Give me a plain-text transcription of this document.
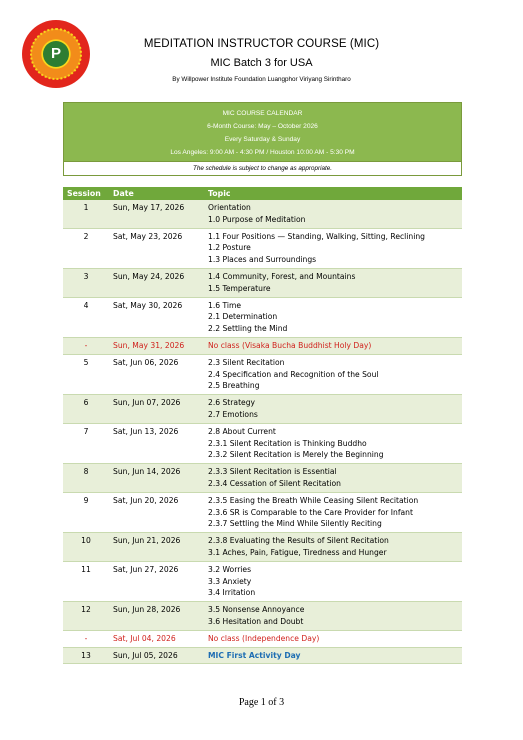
P
MEDITATION INSTRUCTOR COURSE (MIC)
MIC Batch 3 for USA
By Willpower Institute Foundation Luangphor Viriyang Sirintharo
MIC COURSE CALENDAR
6-Month Course: May – October 2026
Every Saturday & Sunday
Los Angeles: 9:00 AM - 4:30 PM / Houston 10:00 AM - 5:30 PM
The schedule is subject to change as appropriate.
Session	Date	Topic
1	Sun, May 17, 2026	Orientation
1.0 Purpose of Meditation

2	Sat, May 23, 2026	1.1 Four Positions — Standing, Walking, Sitting, Reclining
1.2 Posture
1.3 Places and Surroundings

3	Sun, May 24, 2026	1.4 Community, Forest, and Mountains
1.5 Temperature

4	Sat, May 30, 2026	1.6 Time
2.1 Determination
2.2 Settling the Mind

-	Sun, May 31, 2026	No class (Visaka Bucha Buddhist Holy Day)

5	Sat, Jun 06, 2026	2.3 Silent Recitation
2.4 Specification and Recognition of the Soul
2.5 Breathing

6	Sun, Jun 07, 2026	2.6 Strategy
2.7 Emotions

7	Sat, Jun 13, 2026	2.8 About Current
2.3.1 Silent Recitation is Thinking Buddho
2.3.2 Silent Recitation is Merely the Beginning

8	Sun, Jun 14, 2026	2.3.3 Silent Recitation is Essential
2.3.4 Cessation of Silent Recitation

9	Sat, Jun 20, 2026	2.3.5 Easing the Breath While Ceasing Silent Recitation
2.3.6 SR is Comparable to the Care Provider for Infant
2.3.7 Settling the Mind While Silently Reciting

10	Sun, Jun 21, 2026	2.3.8 Evaluating the Results of Silent Recitation
3.1 Aches, Pain, Fatigue, Tiredness and Hunger

11	Sat, Jun 27, 2026	3.2 Worries
3.3 Anxiety
3.4 Irritation

12	Sun, Jun 28, 2026	3.5 Nonsense Annoyance
3.6 Hesitation and Doubt

-	Sat, Jul 04, 2026	No class (Independence Day)

13	Sun, Jul 05, 2026	MIC First Activity Day
Page 1 of 3
